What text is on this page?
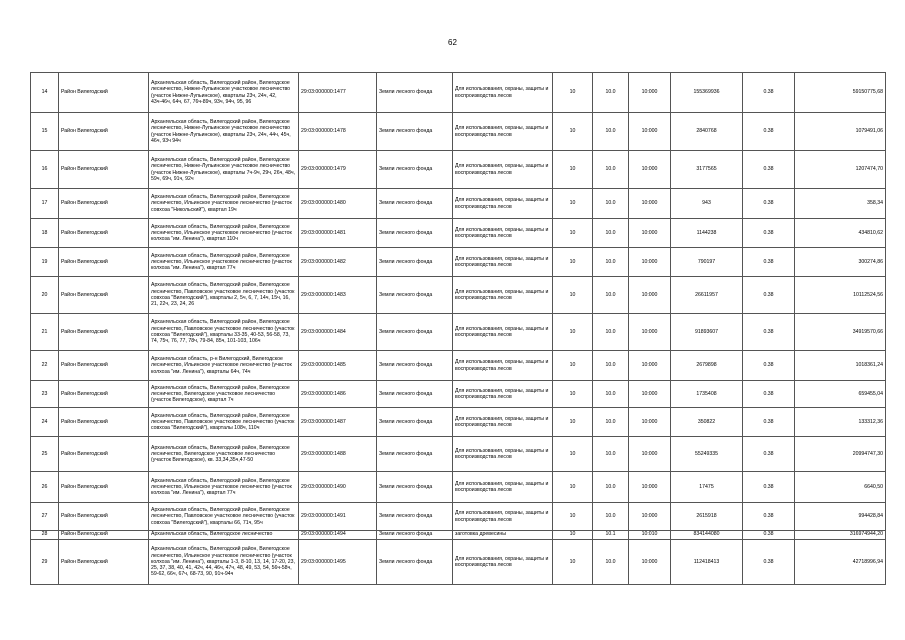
62
14	Район Вилегодский	Архангельская область, Вилегодский район, Вилегодское лесничество, Нижне-Лупьинское участковое лесничество (участок Нижне-Лупьинское), кварталы 23ч, 24ч, 42, 43ч-46ч, 64ч, 67, 76ч-89ч, 93ч, 94ч, 95, 96	29:03:000000:1477	Земли лесного фонда	Для использования, охраны, защиты и воспроизводства лесов	10	10.0	10:000	155369936	0.38	59150775,68
15	Район Вилегодский	Архангельская область, Вилегодский район, Вилегодское лесничество, Нижне-Лупьинское участковое лесничество (участок Нижне-Лупьинское), кварталы 23ч, 24ч, 44ч, 45ч, 46ч, 93ч 94ч	29:03:000000:1478	Земли лесного фонда	Для использования, охраны, защиты и воспроизводства лесов	10	10.0	10:000	2840768	0.38	1079491,06
16	Район Вилегодский	Архангельская область, Вилегодский район, Вилегодское лесничество, Нижне-Лупьинское участковое лесничество (участок Нижне-Лупьинское), кварталы 7ч-9ч, 29ч, 26ч, 48ч, 59ч, 69ч, 91ч, 92ч	29:03:000000:1479	Земли лесного фонда	Для использования, охраны, защиты и воспроизводства лесов	10	10.0	10:000	3177565	0.38	1207474,70
17	Район Вилегодский	Архангельская область, Вилегодский район, Вилегодское лесничество, Ильинское участковое лесничество (участок совхоза "Никольский"), квартал 19ч	29:03:000000:1480	Земли лесного фонда	Для использования, охраны, защиты и воспроизводства лесов	10	10.0	10:000	943	0.38	358,34
18	Район Вилегодский	Архангельская область, Вилегодский район, Вилегодское лесничество, Ильинское участковое лесничество (участок колхоза "им. Ленина"), квартал 110ч	29:03:000000:1481	Земли лесного фонда	Для использования, охраны, защиты и воспроизводства лесов	10	10.0	10:000	1144238	0.38	434810,62
19	Район Вилегодский	Архангельская область, Вилегодский район, Вилегодское лесничество, Ильинское участковое лесничество (участок колхоза "им. Ленина"), квартал 77ч	29:03:000000:1482	Земли лесного фонда	Для использования, охраны, защиты и воспроизводства лесов	10	10.0	10:000	790197	0.38	300274,86
20	Район Вилегодский	Архангельская область, Вилегодский район, Вилегодское лесничество, Павловское участковое лесничество (участок совхоза "Вилегодский"), кварталы 2, 5ч, 6, 7, 14ч, 15ч, 16, 21, 22ч, 23, 24, 26	29:03:000000:1483	Земли лесного фонда	Для использования, охраны, защиты и воспроизводства лесов	10	10.0	10:000	26611957	0.38	10112524,56
21	Район Вилегодский	Архангельская область, Вилегодский район, Вилегодское лесничество, Павловское участковое лесничество (участок совхоза "Вилегодский"), кварталы 33-35, 40-53, 56-58, 73, 74, 75ч, 76, 77, 78ч, 79-84, 85ч, 101-103, 106ч	29:03:000000:1484	Земли лесного фонда	Для использования, охраны, защиты и воспроизводства лесов	10	10.0	10:000	91893607	0.38	34919570,66
22	Район Вилегодский	Архангельская область, р-н Вилегодский, Вилегодское лесничество, Ильинское участковое лесничество (участок колхоза "им. Ленина"), кварталы 64ч, 74ч	29:03:000000:1485	Земли лесного фонда	Для использования, охраны, защиты и воспроизводства лесов	10	10.0	10:000	2679898	0.38	1018361,24
23	Район Вилегодский	Архангельская область, Вилегодский район, Вилегодское лесничество, Вилегодское участковое лесничество (участок Вилегодское), квартал 7ч	29:03:000000:1486	Земли лесного фонда	Для использования, охраны, защиты и воспроизводства лесов	10	10.0	10:000	1735408	0.38	659455,04
24	Район Вилегодский	Архангельская область, Вилегодский район, Вилегодское лесничество, Павловское участковое лесничество (участок совхоза "Вилегодский"), кварталы 108ч, 110ч	29:03:000000:1487	Земли лесного фонда	Для использования, охраны, защиты и воспроизводства лесов	10	10.0	10:000	350822	0.38	133312,36
25	Район Вилегодский	Архангельская область, Вилегодский район, Вилегодское лесничество, Вилегодское участковое лесничество (участок Вилегодское), кв. 33,34,35ч,47-50	29:03:000000:1488	Земли лесного фонда	Для использования, охраны, защиты и воспроизводства лесов	10	10.0	10:000	55249335	0.38	20994747,30
26	Район Вилегодский	Архангельская область, Вилегодский район, Вилегодское лесничество, Ильинское участковое лесничество (участок колхоза "им. Ленина"), квартал 77ч	29:03:000000:1490	Земли лесного фонда	Для использования, охраны, защиты и воспроизводства лесов	10	10.0	10:000	17475	0.38	6640,50
27	Район Вилегодский	Архангельская область, Вилегодский район, Вилегодское лесничество, Павловское участковое лесничество (участок совхоза "Вилегодский"), кварталы 66, 71ч, 95ч	29:03:000000:1491	Земли лесного фонда	Для использования, охраны, защиты и воспроизводства лесов	10	10.0	10:000	2615918	0.38	994428,84
28	Район Вилегодский	Архангельская область, Вилегодское лесничество	29:03:000000:1494	Земли лесного фонда	заготовка древесины	10	10.1	10:010	834144080	0.38	316974944,20
29	Район Вилегодский	Архангельская область, Вилегодский район, Вилегодское лесничество, Ильинское участковое лесничество (участок колхоза "им. Ленина"), кварталы 1-3, 8-10, 13, 14, 17-20, 23, 25, 37, 38, 40, 41, 42ч, 44, 46ч, 47ч, 48, 49, 53, 54, 56ч-58ч, 59-62, 66ч, 67ч, 68-73, 90, 91ч-94ч	29:03:000000:1495	Земли лесного фонда	Для использования, охраны, защиты и воспроизводства лесов	10	10.0	10:000	112418413	0.38	42718996,94
